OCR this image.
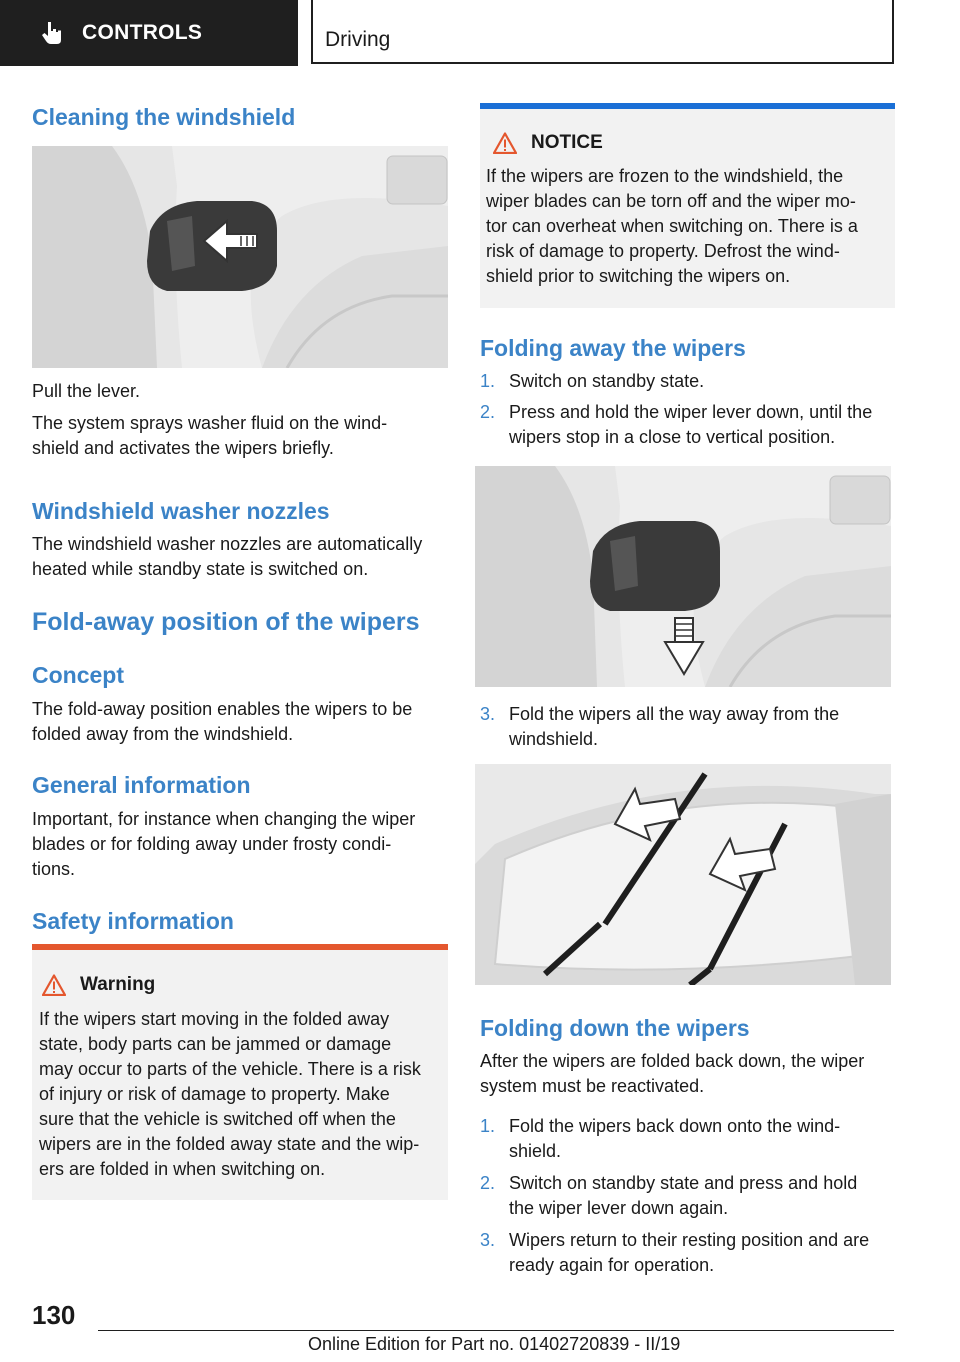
CONTROLS	Driving
Cleaning the windshield

Pull the lever.

The system sprays washer fluid on the wind-

shield and activates the wipers briefly.

Windshield washer nozzles

The windshield washer nozzles are automatically

heated while standby state is switched on.

Fold-away position of the wipers
Concept

The fold-away position enables the wipers to be

folded away from the windshield.

General information

Important, for instance when changing the wiper

blades or for folding away under frosty condi-

tions.

Safety information
Warning
If the wipers start moving in the folded away
state, body parts can be jammed or damage
may occur to parts of the vehicle. There is a risk
of injury or risk of damage to property. Make
sure that the vehicle is switched off when the
wipers are in the folded away state and the wip-
ers are folded in when switching on.
NOTICE
If the wipers are frozen to the windshield, the
wiper blades can be torn off and the wiper mo-
tor can overheat when switching on. There is a
risk of damage to property. Defrost the wind-
shield prior to switching the wipers on.
Folding away the wipers
1. Switch on standby state.
2. Press and hold the wiper lever down, until the
wipers stop in a close to vertical position.
3. Fold the wipers all the way away from the
windshield.
Folding down the wipers

After the wipers are folded back down, the wiper

system must be reactivated.

1. Fold the wipers back down onto the wind-
shield.
2. Switch on standby state and press and hold
the wiper lever down again.
3. Wipers return to their resting position and are
ready again for operation.
130
Online Edition for Part no. 01402720839 - II/19
